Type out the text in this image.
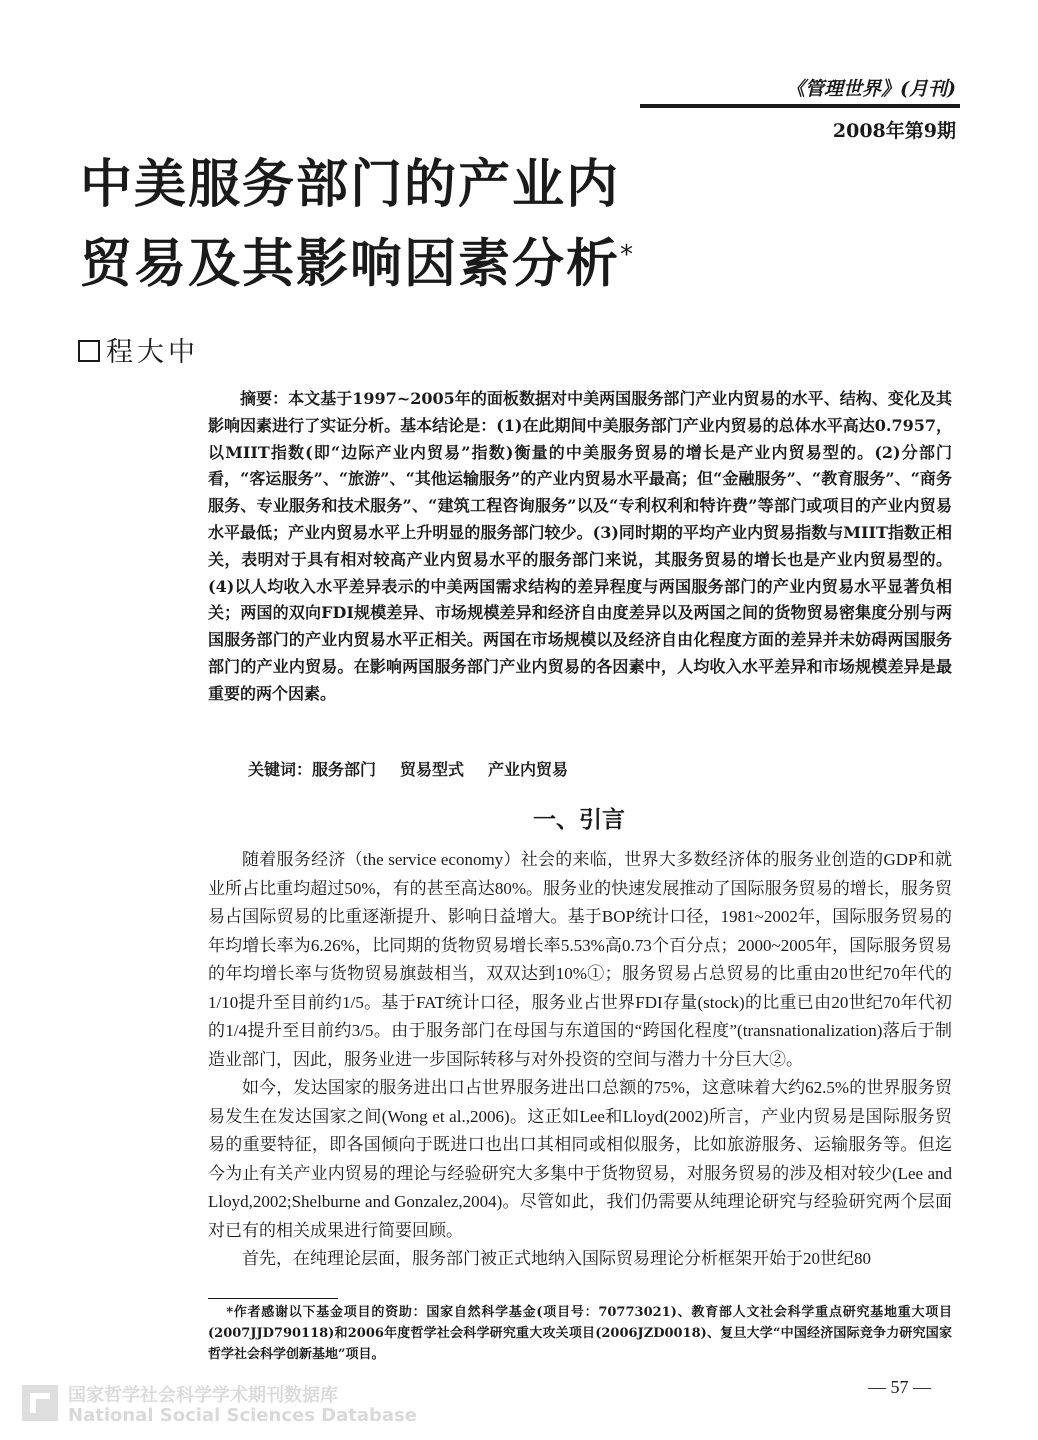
《管理世界》(月刊)
2008年第9期
中美服务部门的产业内
贸易及其影响因素分析*
程大中
摘要：本文基于1997~2005年的面板数据对中美两国服务部门产业内贸易的水平、结构、变化及其影响因素进行了实证分析。基本结论是：(1)在此期间中美服务部门产业内贸易的总体水平高达0.7957，以MIIT指数(即“边际产业内贸易”指数)衡量的中美服务贸易的增长是产业内贸易型的。(2)分部门看，“客运服务”、“旅游”、“其他运输服务”的产业内贸易水平最高；但“金融服务”、“教育服务”、“商务服务、专业服务和技术服务”、“建筑工程咨询服务”以及“专利权利和特许费”等部门或项目的产业内贸易水平最低；产业内贸易水平上升明显的服务部门较少。(3)同时期的平均产业内贸易指数与MIIT指数正相关，表明对于具有相对较高产业内贸易水平的服务部门来说，其服务贸易的增长也是产业内贸易型的。(4)以人均收入水平差异表示的中美两国需求结构的差异程度与两国服务部门的产业内贸易水平显著负相关；两国的双向FDI规模差异、市场规模差异和经济自由度差异以及两国之间的货物贸易密集度分别与两国服务部门的产业内贸易水平正相关。两国在市场规模以及经济自由化程度方面的差异并未妨碍两国服务部门的产业内贸易。在影响两国服务部门产业内贸易的各因素中，人均收入水平差异和市场规模差异是最重要的两个因素。
关键词：服务部门 贸易型式 产业内贸易
一、引言

随着服务经济（the service economy）社会的来临，世界大多数经济体的服务业创造的GDP和就业所占比重均超过50%，有的甚至高达80%。服务业的快速发展推动了国际服务贸易的增长，服务贸易占国际贸易的比重逐渐提升、影响日益增大。基于BOP统计口径，1981~2002年，国际服务贸易的年均增长率为6.26%，比同期的货物贸易增长率5.53%高0.73个百分点；2000~2005年，国际服务贸易的年均增长率与货物贸易旗鼓相当，双双达到10%①；服务贸易占总贸易的比重由20世纪70年代的1/10提升至目前约1/5。基于FAT统计口径，服务业占世界FDI存量(stock)的比重已由20世纪70年代初的1/4提升至目前约3/5。由于服务部门在母国与东道国的“跨国化程度”(transnationalization)落后于制造业部门，因此，服务业进一步国际转移与对外投资的空间与潜力十分巨大②。

如今，发达国家的服务进出口占世界服务进出口总额的75%，这意味着大约62.5%的世界服务贸易发生在发达国家之间(Wong et al.,2006)。这正如Lee和Lloyd(2002)所言，产业内贸易是国际服务贸易的重要特征，即各国倾向于既进口也出口其相同或相似服务，比如旅游服务、运输服务等。但迄今为止有关产业内贸易的理论与经验研究大多集中于货物贸易，对服务贸易的涉及相对较少(Lee and Lloyd,2002;Shelburne and Gonzalez,2004)。尽管如此，我们仍需要从纯理论研究与经验研究两个层面对已有的相关成果进行简要回顾。

首先，在纯理论层面，服务部门被正式地纳入国际贸易理论分析框架开始于20世纪80

*作者感谢以下基金项目的资助：国家自然科学基金(项目号：70773021)、教育部人文社会科学重点研究基地重大项目(2007JJD790118)和2006年度哲学社会科学研究重大攻关项目(2006JZD0018)、复旦大学“中国经济国际竞争力研究国家哲学社会科学创新基地”项目。
— 57 —
国家哲学社会科学学术期刊数据库
National Social Sciences Database
